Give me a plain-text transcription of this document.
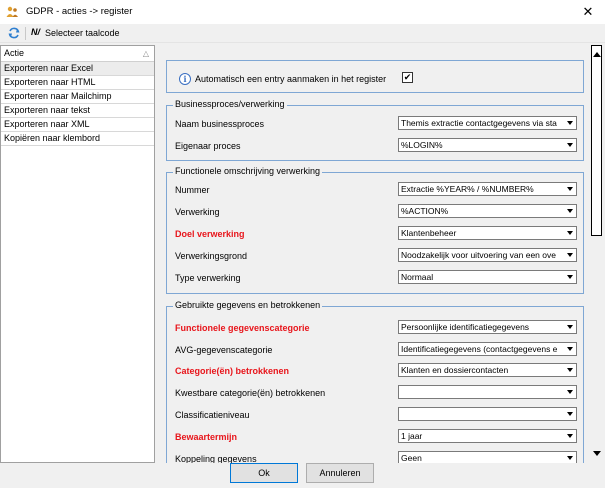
GDPR - acties -> register	✕
N/ Selecteer taalcode
Actie	△
Exporteren naar Excel
Exporteren naar HTML
Exporteren naar Mailchimp
Exporteren naar tekst
Exporteren naar XML
Kopiëren naar klembord
i Automatisch een entry aanmaken in het register ✔
Businessproces/verwerking
Naam businessproces	Themis extractie contactgegevens via sta
Eigenaar proces	%LOGIN%
Functionele omschrijving verwerking
Nummer	Extractie %YEAR% / %NUMBER%
Verwerking	%ACTION%
Doel verwerking	Klantenbeheer
Verwerkingsgrond	Noodzakelijk voor uitvoering van een ove
Type verwerking	Normaal
Gebruikte gegevens en betrokkenen
Functionele gegevenscategorie	Persoonlijke identificatiegegevens
AVG-gegevenscategorie	Identificatiegegevens (contactgegevens e
Categorie(ën) betrokkenen	Klanten en dossiercontacten
Kwestbare categorie(ën) betrokkenen
Classificatieniveau
Bewaartermijn	1 jaar
Koppeling gegevens	Geen
Ok	Annuleren
